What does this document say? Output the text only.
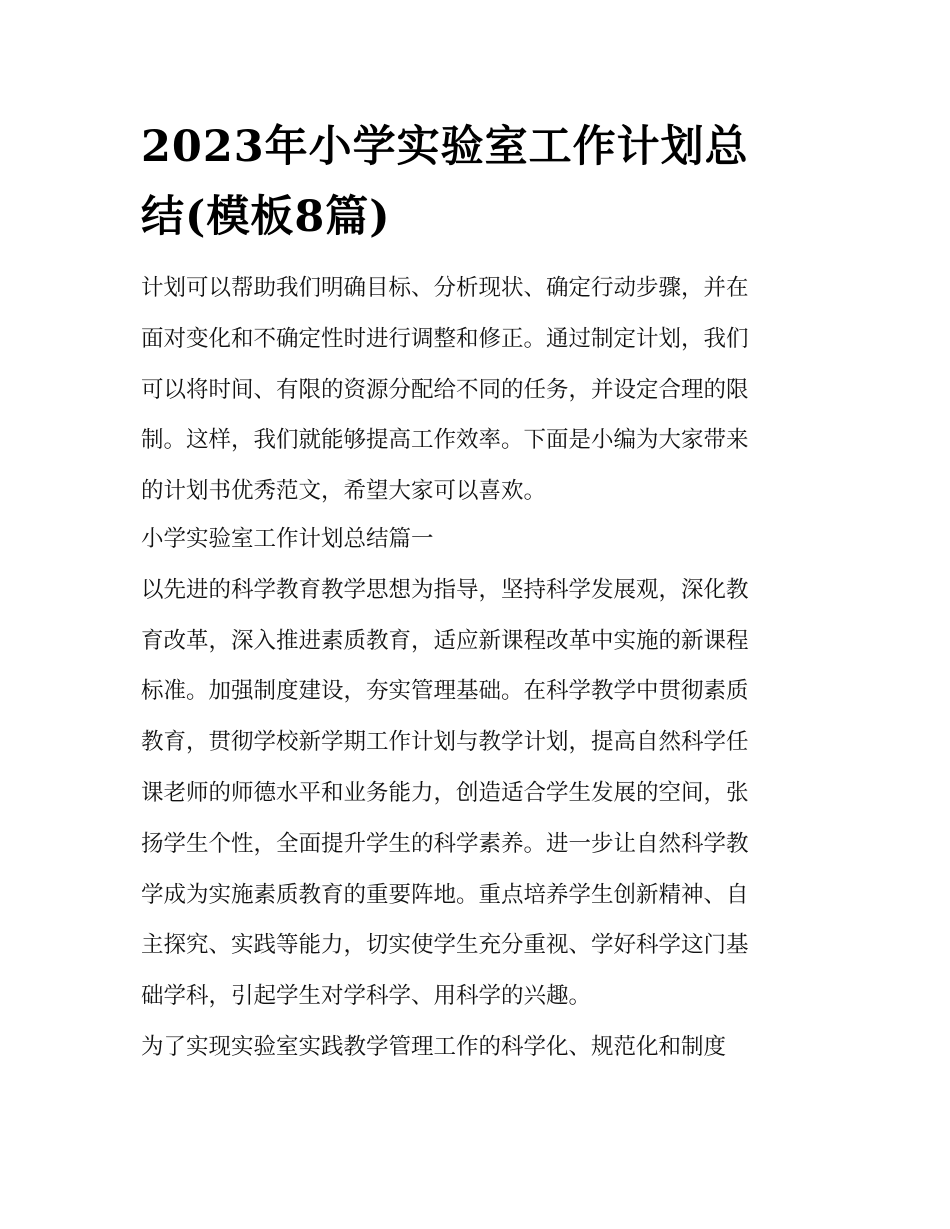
2023年小学实验室工作计划总
结(模板8篇)

计划可以帮助我们明确目标、分析现状、确定行动步骤，并在
面对变化和不确定性时进行调整和修正。通过制定计划，我们
可以将时间、有限的资源分配给不同的任务，并设定合理的限
制。这样，我们就能够提高工作效率。下面是小编为大家带来
的计划书优秀范文，希望大家可以喜欢。

小学实验室工作计划总结篇一

以先进的科学教育教学思想为指导，坚持科学发展观，深化教
育改革，深入推进素质教育，适应新课程改革中实施的新课程
标准。加强制度建设，夯实管理基础。在科学教学中贯彻素质
教育，贯彻学校新学期工作计划与教学计划，提高自然科学任
课老师的师德水平和业务能力，创造适合学生发展的空间，张
扬学生个性，全面提升学生的科学素养。进一步让自然科学教
学成为实施素质教育的重要阵地。重点培养学生创新精神、自
主探究、实践等能力，切实使学生充分重视、学好科学这门基
础学科，引起学生对学科学、用科学的兴趣。

为了实现实验室实践教学管理工作的科学化、规范化和制度
